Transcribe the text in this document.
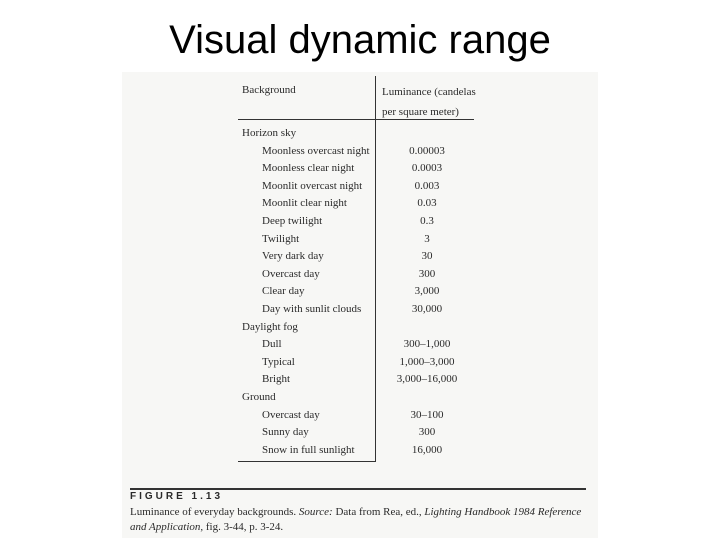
Visual dynamic range
Background	Luminance (candelas per square meter)
Horizon sky
Moonless overcast night	0.00003
Moonless clear night	0.0003
Moonlit overcast night	0.003
Moonlit clear night	0.03
Deep twilight	0.3
Twilight	3
Very dark day	30
Overcast day	300
Clear day	3,000
Day with sunlit clouds	30,000
Daylight fog
Dull	300–1,000
Typical	1,000–3,000
Bright	3,000–16,000
Ground
Overcast day	30–100
Sunny day	300
Snow in full sunlight	16,000
FIGURE 1.13
Luminance of everyday backgrounds. Source: Data from Rea, ed., Lighting Handbook 1984 Reference and Application, fig. 3-44, p. 3-24.
